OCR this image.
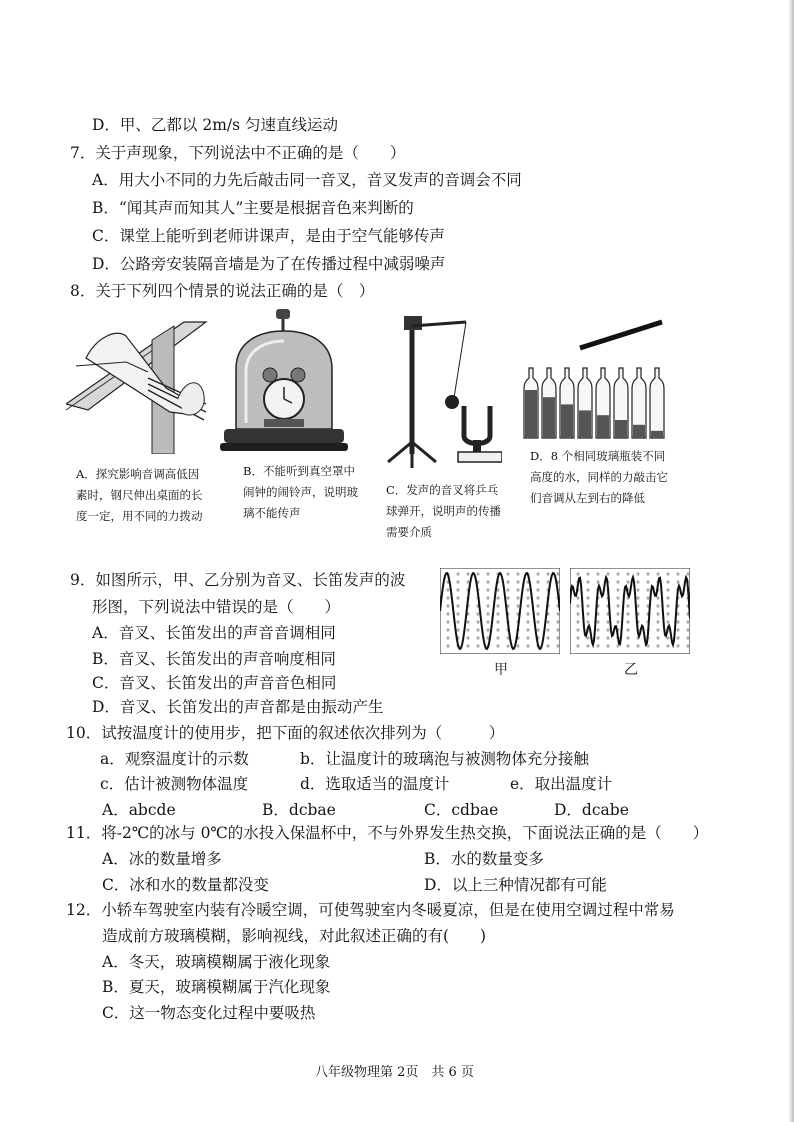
D．甲、乙都以 2m/s 匀速直线运动
7．关于声现象，下列说法中不正确的是（　　）
A．用大小不同的力先后敲击同一音叉，音叉发声的音调会不同
B．“闻其声而知其人”主要是根据音色来判断的
C．课堂上能听到老师讲课声，是由于空气能够传声
D．公路旁安装隔音墙是为了在传播过程中减弱噪声
8．关于下列四个情景的说法正确的是（　）
A．探究影响音调高低因素时，钢尺伸出桌面的长度一定，用不同的力拨动
B．不能听到真空罩中闹钟的闹铃声，说明玻璃不能传声
C．发声的音叉将乒乓球弹开，说明声的传播需要介质
D．8 个相同玻璃瓶装不同高度的水，同样的力敲击它们音调从左到右的降低
9．如图所示，甲、乙分别为音叉、长笛发声的波
形图，下列说法中错误的是（　　）
A．音叉、长笛发出的声音音调相同
B．音叉、长笛发出的声音响度相同
C．音叉、长笛发出的声音音色相同
D．音叉、长笛发出的声音都是由振动产生
甲	乙
10．试按温度计的使用步，把下面的叙述依次排列为（　　　）
a．观察温度计的示数	b．让温度计的玻璃泡与被测物体充分接触
c．估计被测物体温度	d．选取适当的温度计	e．取出温度计
A．abcde	B．dcbae	C．cdbae	D．dcabe
11．将-2℃的冰与 0℃的水投入保温杯中，不与外界发生热交换，下面说法正确的是（　　）
A．冰的数量增多	B．水的数量变多
C．冰和水的数量都没变	D．以上三种情况都有可能
12．小轿车驾驶室内装有冷暖空调，可使驾驶室内冬暖夏凉，但是在使用空调过程中常易
造成前方玻璃模糊，影响视线，对此叙述正确的有(　　)
A．冬天，玻璃模糊属于液化现象
B．夏天，玻璃模糊属于汽化现象
C．这一物态变化过程中要吸热
八年级物理第 2页　共 6 页
